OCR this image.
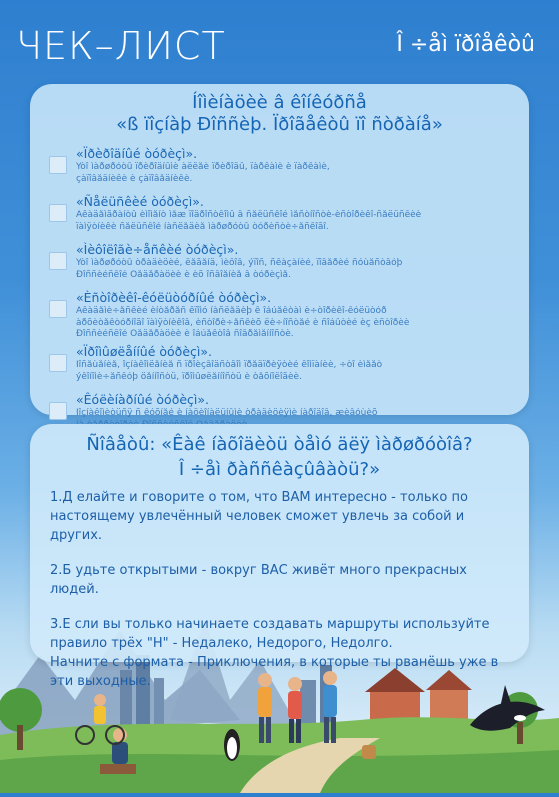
ЧЕК–ЛИСТ	Î ÷åì ïðîåêòû
Íîìèíàöèè â êîíêóðñå
«ß ïîçíàþ Ðîññèþ. Ïðîãåêòû ïî ñòðàíå»
«Ïðèðîäíûé òóðèçì».
Ýòî ìàðøðóòû ïðèðîäíûìè àëëåè ïðèðîäû, ïàðêàìè è ïàðêàìè,
çàïîâåäíèêè è çàïîâåäíèêè.
«Ñåëüñêèé òóðèçì».
Àêàäåìãðàíòû èìîìåíò ìåæ ïîäðîñòêîìû â ñåëüñêîé ìåñòíîñòè-èñòîðèêî-ñåëüñêèè
ïàìÿòíèêè ñåëüñêîé íàñëåäèå ìàðøðóòû òóðèñòè÷åñêîãî.
«Ìèôîëîãè÷åñêèé òóðèçì».
Ýòî ìàðøðóòû òðàäèöèé, ëåãåíä, ìèôîâ, ýïîñ, ñêàçàíèé, ïîâåðèé ñóùåñòâóþ
Ðîññèéñêîé Ôåäåðàöèè è èõ îñâîåíèå â òóðèçìå.
«Èñòîðèêî-êóëüòóðíûé òóðèçì».
Àêàäåìè÷åñêèé èíòåðåñ êïîìó íàñëåäèþ ê îáúåêòàì è÷òîðèêî-êóëüòóð
àðõèòåêòóðíîãî ïàìÿòíèêîâ, èñòîðè÷åñêèõ ëè÷íîñòåé è ñîáûòèé èç èñòîðèè
Ðîññèéñêîé Ôåäåðàöèè è îáúåêòîâ ñîâðåìåííîñòè.
«Ïðîìûøëåííûé òóðèçì».
Ïîñåùåíèå, îçíàêîìëåíèå ñ ïðîèçâîäñòâîì ïðåäïðèÿòèé êîìïàíèè, ÷òî èìååò
ýêîíîìè÷åñêóþ öåííîñòü, ïðîìûøëåííîñòü è òåõíîëîãèè.
«Êóëèíàðíûé òóðèçì».
Ïîçíàêîìèòüñÿ ñ êóõíåé è íàöèîíàëüíûìè òðàäèöèÿìè íàðîäîâ, æèâóùèõ
Ñîâåòû: «Êàê íàõîäèòü òåìó äëÿ ìàðøðóòîâ?
Î ÷åì ðàññêàçûâàòü?»

1.Д елайте и говорите о том, что ВАМ интересно - только по настоящему увлечённый человек сможет увлечь за собой и других.

2.Б удьте открытыми - вокруг ВАС живёт много прекрасных людей.

3.Е сли вы только начинаете создавать маршруты используйте правило трёх "Н" - Недалеко, Недорого, Недолго.
Начните с формата - Приключения, в которые ты рванёшь уже в эти выходные.
